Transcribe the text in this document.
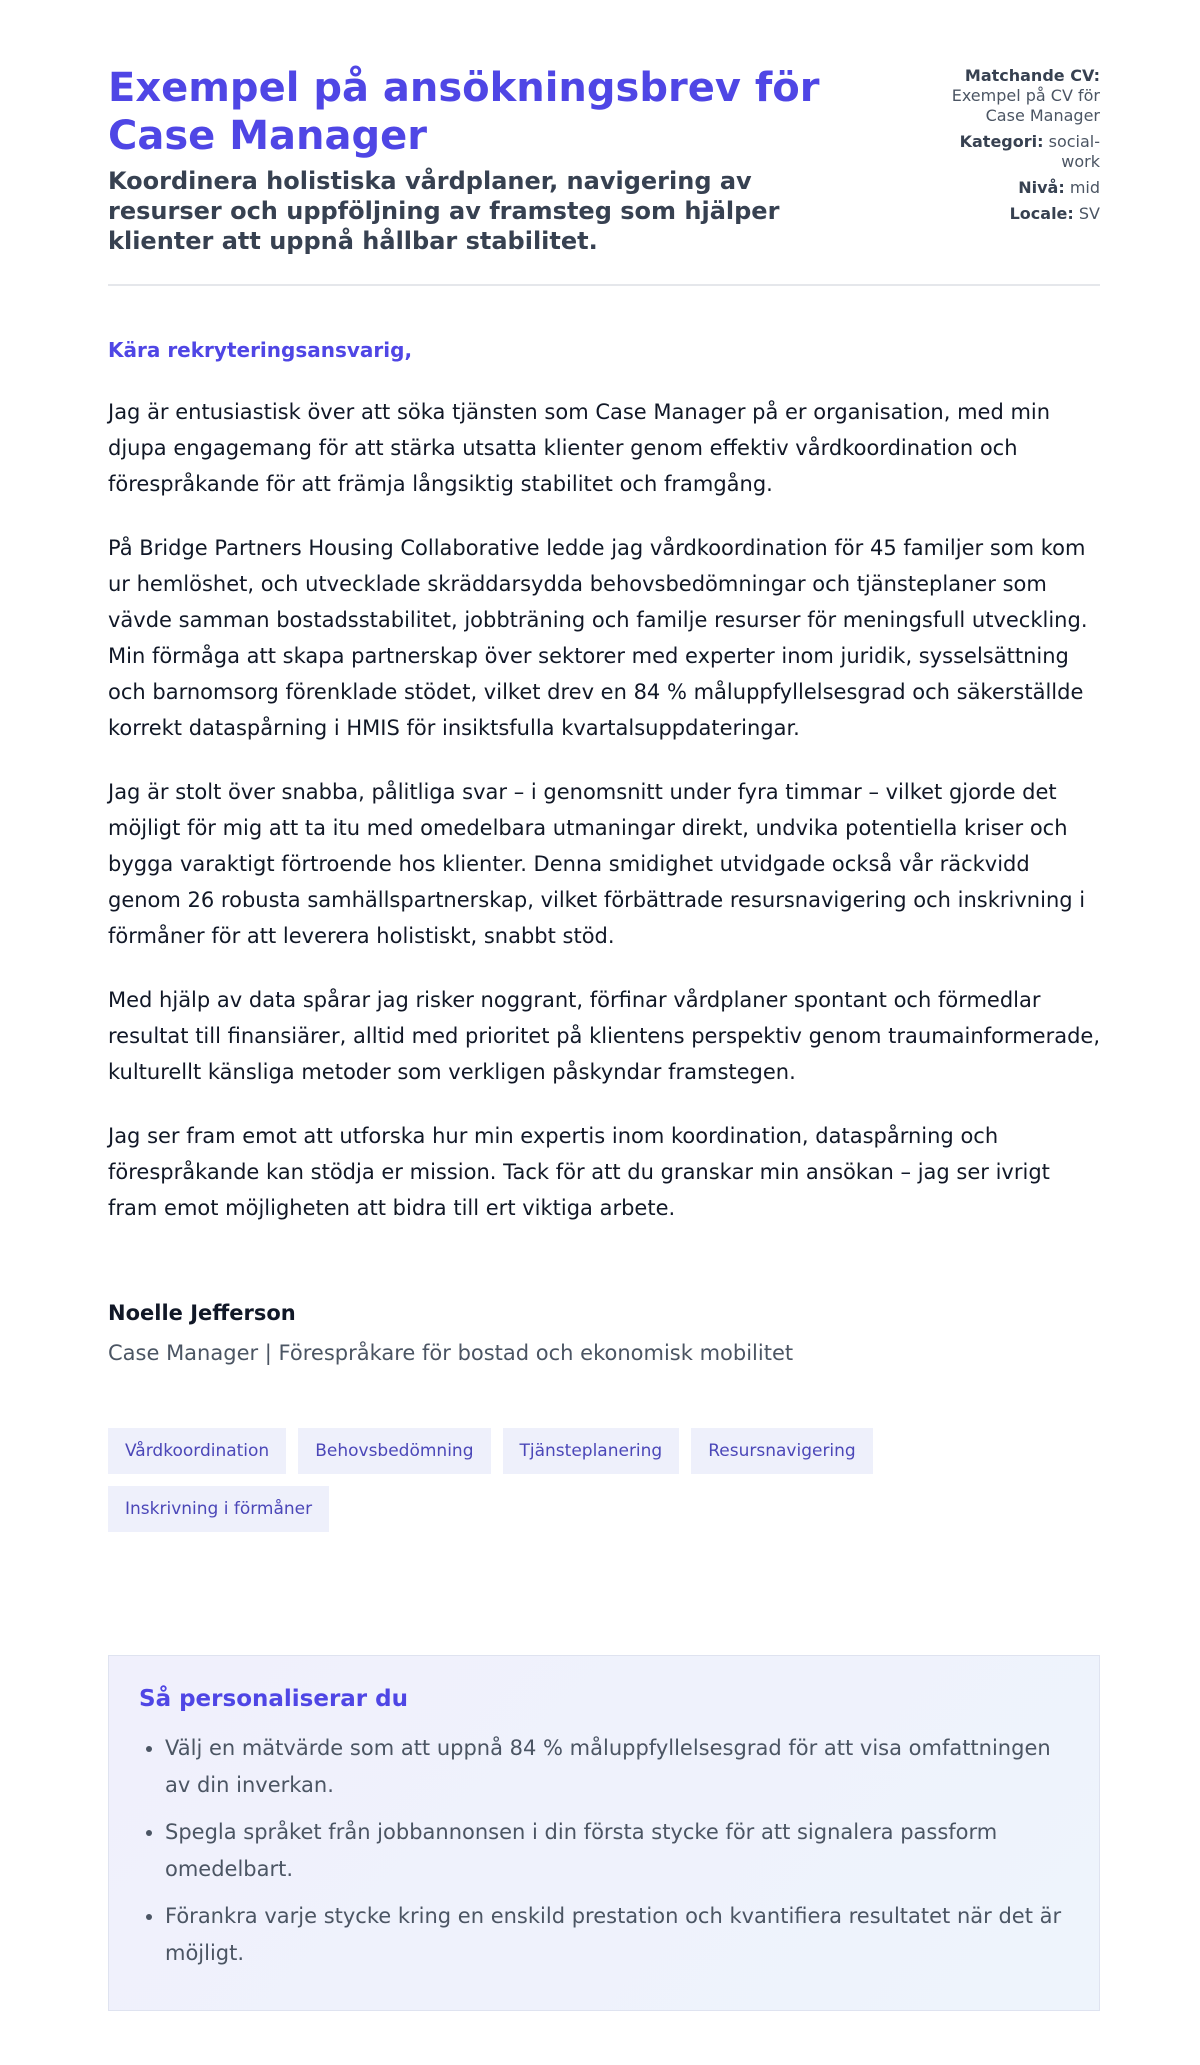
Exempel på ansökningsbrev för Case Manager
Koordinera holistiska vårdplaner, navigering av resurser och uppföljning av framsteg som hjälper klienter att uppnå hållbar stabilitet.
Matchande CV:
Exempel på CV för Case Manager
Kategori: social-work
Nivå: mid
Locale: SV

Kära rekryteringsansvarig,

Jag är entusiastisk över att söka tjänsten som Case Manager på er organisation, med min djupa engagemang för att stärka utsatta klienter genom effektiv vårdkoordination och förespråkande för att främja långsiktig stabilitet och framgång.

På Bridge Partners Housing Collaborative ledde jag vårdkoordination för 45 familjer som kom ur hemlöshet, och utvecklade skräddarsydda behovsbedömningar och tjänsteplaner som vävde samman bostadsstabilitet, jobbträning och familje resurser för meningsfull utveckling. Min förmåga att skapa partnerskap över sektorer med experter inom juridik, sysselsättning och barnomsorg förenklade stödet, vilket drev en 84 % måluppfyllelsesgrad och säkerställde korrekt dataspårning i HMIS för insiktsfulla kvartalsuppdateringar.

Jag är stolt över snabba, pålitliga svar – i genomsnitt under fyra timmar – vilket gjorde det möjligt för mig att ta itu med omedelbara utmaningar direkt, undvika potentiella kriser och bygga varaktigt förtroende hos klienter. Denna smidighet utvidgade också vår räckvidd genom 26 robusta samhällspartnerskap, vilket förbättrade resursnavigering och inskrivning i förmåner för att leverera holistiskt, snabbt stöd.

Med hjälp av data spårar jag risker noggrant, förfinar vårdplaner spontant och förmedlar resultat till finansiärer, alltid med prioritet på klientens perspektiv genom traumainformerade, kulturellt känsliga metoder som verkligen påskyndar framstegen.

Jag ser fram emot att utforska hur min expertis inom koordination, dataspårning och förespråkande kan stödja er mission. Tack för att du granskar min ansökan – jag ser ivrigt fram emot möjligheten att bidra till ert viktiga arbete.

Noelle Jefferson

Case Manager | Förespråkare för bostad och ekonomisk mobilitet

Vårdkoordination	Behovsbedömning	Tjänsteplanering	Resursnavigering
Inskrivning i förmåner
Så personaliserar du
• Välj en mätvärde som att uppnå 84 % måluppfyllelsesgrad för att visa omfattningen av din inverkan.
• Spegla språket från jobbannonsen i din första stycke för att signalera passform omedelbart.
• Förankra varje stycke kring en enskild prestation och kvantifiera resultatet när det är möjligt.
